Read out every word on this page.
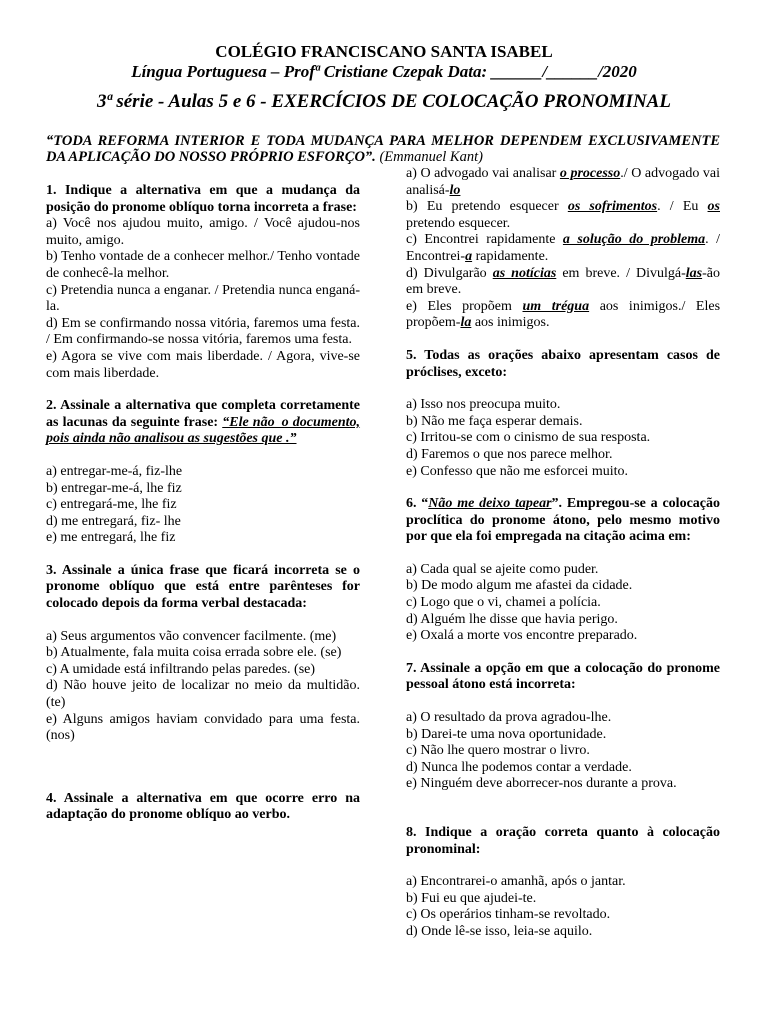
COLÉGIO FRANCISCANO SANTA ISABEL
Língua Portuguesa – Profª Cristiane Czepak Data: ______/______/2020
3ª série - Aulas 5 e 6 - EXERCÍCIOS DE COLOCAÇÃO PRONOMINAL
“TODA REFORMA INTERIOR E TODA MUDANÇA PARA MELHOR DEPENDEM EXCLUSIVAMENTE DA APLICAÇÃO DO NOSSO PRÓPRIO ESFORÇO”. (Emmanuel Kant)
1. Indique a alternativa em que a mudança da posição do pronome oblíquo torna incorreta a frase:
a) Você nos ajudou muito, amigo. / Você ajudou-nos muito, amigo.
b) Tenho vontade de a conhecer melhor./ Tenho vontade de conhecê-la melhor.
c) Pretendia nunca a enganar. / Pretendia nunca enganá-la.
d) Em se confirmando nossa vitória, faremos uma festa. / Em confirmando-se nossa vitória, faremos uma festa.
e) Agora se vive com mais liberdade. / Agora, vive-se com mais liberdade.
2. Assinale a alternativa que completa corretamente as lacunas da seguinte frase: “Ele não_o documento, pois ainda não analisou as sugestões que .”
a) entregar-me-á, fiz-lhe
b) entregar-me-á, lhe fiz
c) entregará-me, lhe fiz
d) me entregará, fiz- lhe
e) me entregará, lhe fiz
3. Assinale a única frase que ficará incorreta se o pronome oblíquo que está entre parênteses for colocado depois da forma verbal destacada:
a) Seus argumentos vão convencer facilmente. (me)
b) Atualmente, fala muita coisa errada sobre ele. (se)
c) A umidade está infiltrando pelas paredes. (se)
d) Não houve jeito de localizar no meio da multidão. (te)
e) Alguns amigos haviam convidado para uma festa. (nos)
4. Assinale a alternativa em que ocorre erro na adaptação do pronome oblíquo ao verbo.
a) O advogado vai analisar o processo./ O advogado vai analisá-lo
b) Eu pretendo esquecer os sofrimentos. / Eu os pretendo esquecer.
c) Encontrei rapidamente a solução do problema. / Encontrei-a rapidamente.
d) Divulgarão as notícias em breve. / Divulgá-las-ão em breve.
e) Eles propõem um trégua aos inimigos./ Eles propõem-la aos inimigos.
5. Todas as orações abaixo apresentam casos de próclises, exceto:
a) Isso nos preocupa muito.
b) Não me faça esperar demais.
c) Irritou-se com o cinismo de sua resposta.
d) Faremos o que nos parece melhor.
e) Confesso que não me esforcei muito.
6. “Não me deixo tapear”. Empregou-se a colocação proclítica do pronome átono, pelo mesmo motivo por que ela foi empregada na citação acima em:
a) Cada qual se ajeite como puder.
b) De modo algum me afastei da cidade.
c) Logo que o vi, chamei a polícia.
d) Alguém lhe disse que havia perigo.
e) Oxalá a morte vos encontre preparado.
7. Assinale a opção em que a colocação do pronome pessoal átono está incorreta:
a) O resultado da prova agradou-lhe.
b) Darei-te uma nova oportunidade.
c) Não lhe quero mostrar o livro.
d) Nunca lhe podemos contar a verdade.
e) Ninguém deve aborrecer-nos durante a prova.
8. Indique a oração correta quanto à colocação pronominal:
a) Encontrarei-o amanhã, após o jantar.
b) Fui eu que ajudei-te.
c) Os operários tinham-se revoltado.
d) Onde lê-se isso, leia-se aquilo.
